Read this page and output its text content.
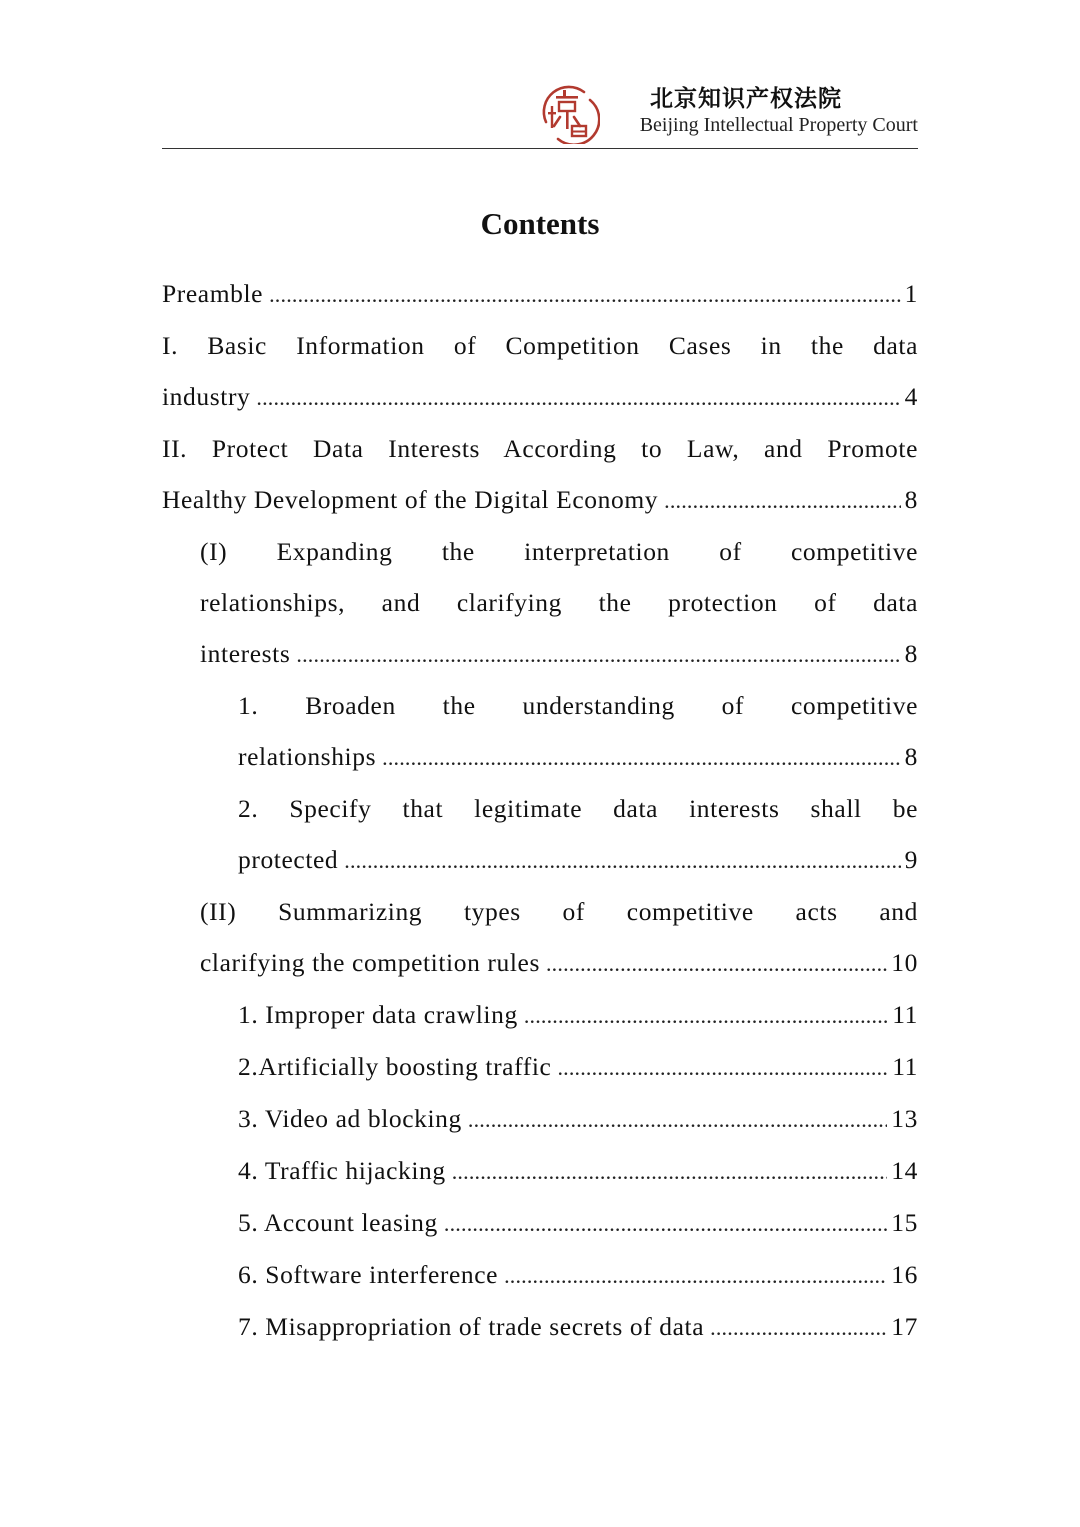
北京知识产权法院
Beijing Intellectual Property Court
Contents
Preamble .....	1
I. Basic Information of Competition Cases in the data
industry .....	4
II. Protect Data Interests According to Law, and Promote
Healthy Development of the Digital Economy .....	8
(I) Expanding the interpretation of competitive
relationships, and clarifying the protection of data
interests .....	8
1. Broaden the understanding of competitive
relationships .....	8
2. Specify that legitimate data interests shall be
protected .....	9
(II) Summarizing types of competitive acts and
clarifying the competition rules .....	10
1. Improper data crawling .....	11
2.Artificially boosting traffic .....	11
3. Video ad blocking .....	13
4. Traffic hijacking .....	14
5. Account leasing .....	15
6. Software interference .....	16
7. Misappropriation of trade secrets of data .....	17
